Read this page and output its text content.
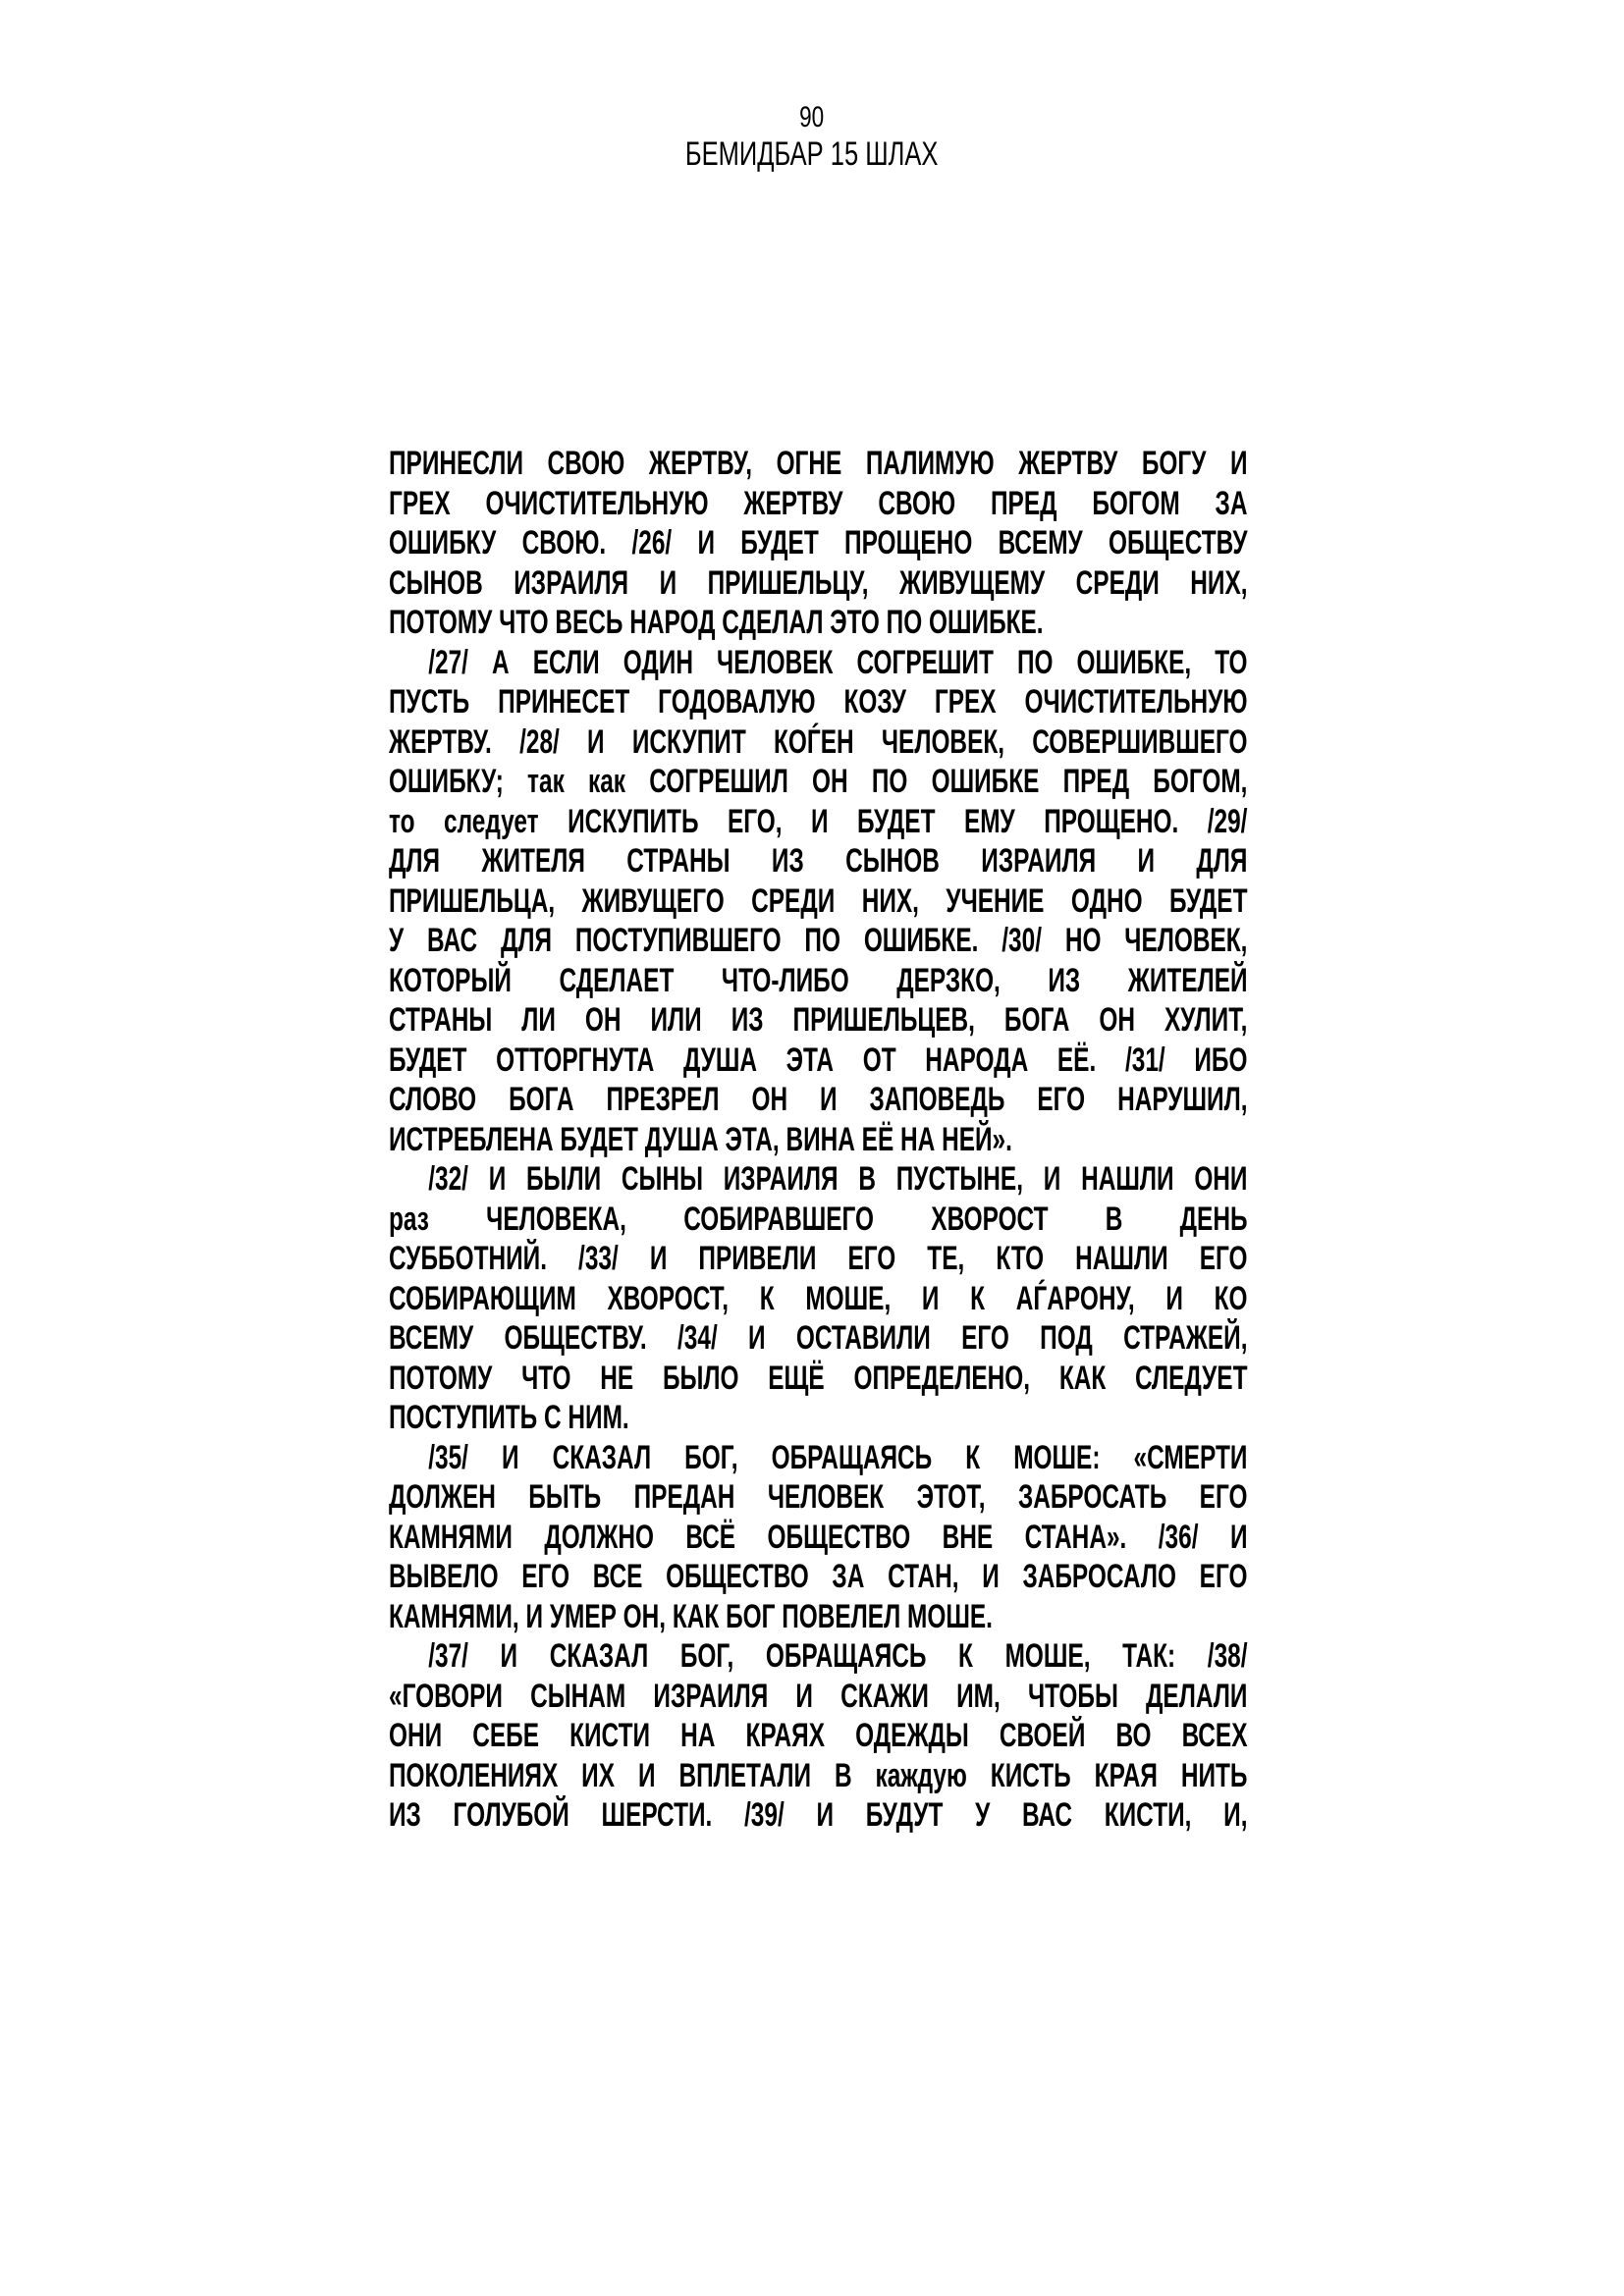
90
БЕМИДБАР 15 ШЛАХ
ПРИНЕСЛИ СВОЮ ЖЕРТВУ, ОГНЕ ПАЛИМУЮ ЖЕРТВУ БОГУ И
ГРЕХ ОЧИСТИТЕЛЬНУЮ ЖЕРТВУ СВОЮ ПРЕД БОГОМ ЗА
ОШИБКУ СВОЮ. /26/ И БУДЕТ ПРОЩЕНО ВСЕМУ ОБЩЕСТВУ
СЫНОВ ИЗРАИЛЯ И ПРИШЕЛЬЦУ, ЖИВУЩЕМУ СРЕДИ НИХ,
ПОТОМУ ЧТО ВЕСЬ НАРОД СДЕЛАЛ ЭТО ПО ОШИБКЕ.
/27/ А ЕСЛИ ОДИН ЧЕЛОВЕК СОГРЕШИТ ПО ОШИБКЕ, ТО
ПУСТЬ ПРИНЕСЕТ ГОДОВАЛУЮ КОЗУ ГРЕХ ОЧИСТИТЕЛЬНУЮ
ЖЕРТВУ. /28/ И ИСКУПИТ КОЃЕН ЧЕЛОВЕК, СОВЕРШИВШЕГО
ОШИБКУ; так как СОГРЕШИЛ ОН ПО ОШИБКЕ ПРЕД БОГОМ,
то следует ИСКУПИТЬ ЕГО, И БУДЕТ ЕМУ ПРОЩЕНО. /29/
ДЛЯ ЖИТЕЛЯ СТРАНЫ ИЗ СЫНОВ ИЗРАИЛЯ И ДЛЯ
ПРИШЕЛЬЦА, ЖИВУЩЕГО СРЕДИ НИХ, УЧЕНИЕ ОДНО БУДЕТ
У ВАС ДЛЯ ПОСТУПИВШЕГО ПО ОШИБКЕ. /30/ НО ЧЕЛОВЕК,
КОТОРЫЙ СДЕЛАЕТ ЧТО-ЛИБО ДЕРЗКО, ИЗ ЖИТЕЛЕЙ
СТРАНЫ ЛИ ОН ИЛИ ИЗ ПРИШЕЛЬЦЕВ, БОГА ОН ХУЛИТ,
БУДЕТ ОТТОРГНУТА ДУША ЭТА ОТ НАРОДА ЕЁ. /31/ ИБО
СЛОВО БОГА ПРЕЗРЕЛ ОН И ЗАПОВЕДЬ ЕГО НАРУШИЛ,
ИСТРЕБЛЕНА БУДЕТ ДУША ЭТА, ВИНА ЕЁ НА НЕЙ».
/32/ И БЫЛИ СЫНЫ ИЗРАИЛЯ В ПУСТЫНЕ, И НАШЛИ ОНИ
раз ЧЕЛОВЕКА, СОБИРАВШЕГО ХВОРОСТ В ДЕНЬ
СУББОТНИЙ. /33/ И ПРИВЕЛИ ЕГО ТЕ, КТО НАШЛИ ЕГО
СОБИРАЮЩИМ ХВОРОСТ, К МОШЕ, И К АЃАРОНУ, И КО
ВСЕМУ ОБЩЕСТВУ. /34/ И ОСТАВИЛИ ЕГО ПОД СТРАЖЕЙ,
ПОТОМУ ЧТО НЕ БЫЛО ЕЩЁ ОПРЕДЕЛЕНО, КАК СЛЕДУЕТ
ПОСТУПИТЬ С НИМ.
/35/ И СКАЗАЛ БОГ, ОБРАЩАЯСЬ К МОШЕ: «СМЕРТИ
ДОЛЖЕН БЫТЬ ПРЕДАН ЧЕЛОВЕК ЭТОТ, ЗАБРОСАТЬ ЕГО
КАМНЯМИ ДОЛЖНО ВСЁ ОБЩЕСТВО ВНЕ СТАНА». /36/ И
ВЫВЕЛО ЕГО ВСЕ ОБЩЕСТВО ЗА СТАН, И ЗАБРОСАЛО ЕГО
КАМНЯМИ, И УМЕР ОН, КАК БОГ ПОВЕЛЕЛ МОШЕ.
/37/ И СКАЗАЛ БОГ, ОБРАЩАЯСЬ К МОШЕ, ТАК: /38/
«ГОВОРИ СЫНАМ ИЗРАИЛЯ И СКАЖИ ИМ, ЧТОБЫ ДЕЛАЛИ
ОНИ СЕБЕ КИСТИ НА КРАЯХ ОДЕЖДЫ СВОЕЙ ВО ВСЕХ
ПОКОЛЕНИЯХ ИХ И ВПЛЕТАЛИ В каждую КИСТЬ КРАЯ НИТЬ
ИЗ ГОЛУБОЙ ШЕРСТИ. /39/ И БУДУТ У ВАС КИСТИ, И,
